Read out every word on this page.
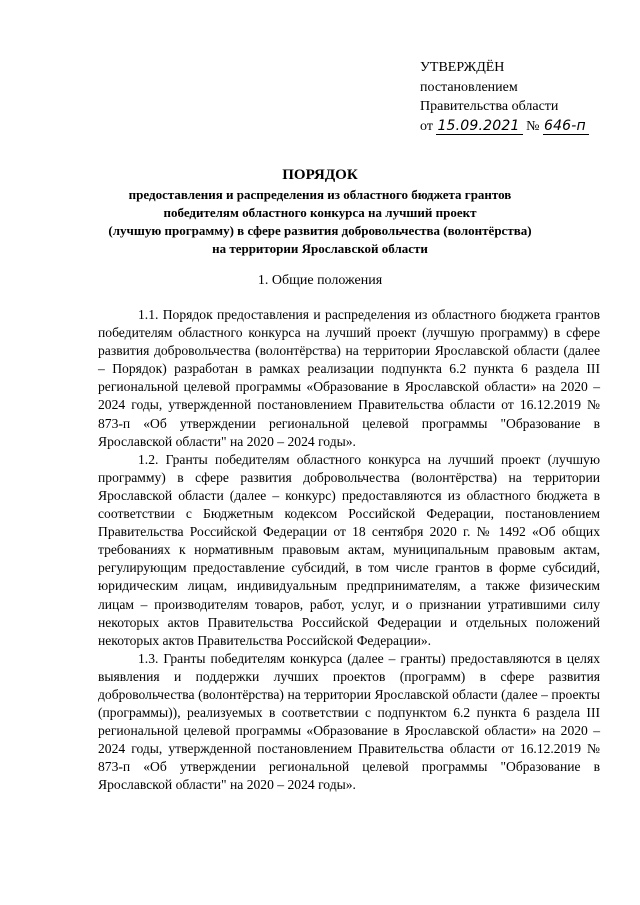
УТВЕРЖДЁН
постановлением
Правительства области
от 15.09.2021 № 646-п
ПОРЯДОК
предоставления и распределения из областного бюджета грантов
победителям областного конкурса на лучший проект
(лучшую программу) в сфере развития добровольчества (волонтёрства)
на территории Ярославской области
1. Общие положения

1.1. Порядок предоставления и распределения из областного бюджета грантов победителям областного конкурса на лучший проект (лучшую программу) в сфере развития добровольчества (волонтёрства) на территории Ярославской области (далее – Порядок) разработан в рамках реализации подпункта 6.2 пункта 6 раздела III региональной целевой программы «Образование в Ярославской области» на 2020 – 2024 годы, утвержденной постановлением Правительства области от 16.12.2019 № 873-п «Об утверждении региональной целевой программы "Образование в Ярославской области" на 2020 – 2024 годы».

1.2. Гранты победителям областного конкурса на лучший проект (лучшую программу) в сфере развития добровольчества (волонтёрства) на территории Ярославской области (далее – конкурс) предоставляются из областного бюджета в соответствии с Бюджетным кодексом Российской Федерации, постановлением Правительства Российской Федерации от 18 сентября 2020 г. № 1492 «Об общих требованиях к нормативным правовым актам, муниципальным правовым актам, регулирующим предоставление субсидий, в том числе грантов в форме субсидий, юридическим лицам, индивидуальным предпринимателям, а также физическим лицам – производителям товаров, работ, услуг, и о признании утратившими силу некоторых актов Правительства Российской Федерации и отдельных положений некоторых актов Правительства Российской Федерации».

1.3. Гранты победителям конкурса (далее – гранты) предоставляются в целях выявления и поддержки лучших проектов (программ) в сфере развития добровольчества (волонтёрства) на территории Ярославской области (далее – проекты (программы)), реализуемых в соответствии с подпунктом 6.2 пункта 6 раздела III региональной целевой программы «Образование в Ярославской области» на 2020 – 2024 годы, утвержденной постановлением Правительства области от 16.12.2019 № 873-п «Об утверждении региональной целевой программы "Образование в Ярославской области" на 2020 – 2024 годы».
